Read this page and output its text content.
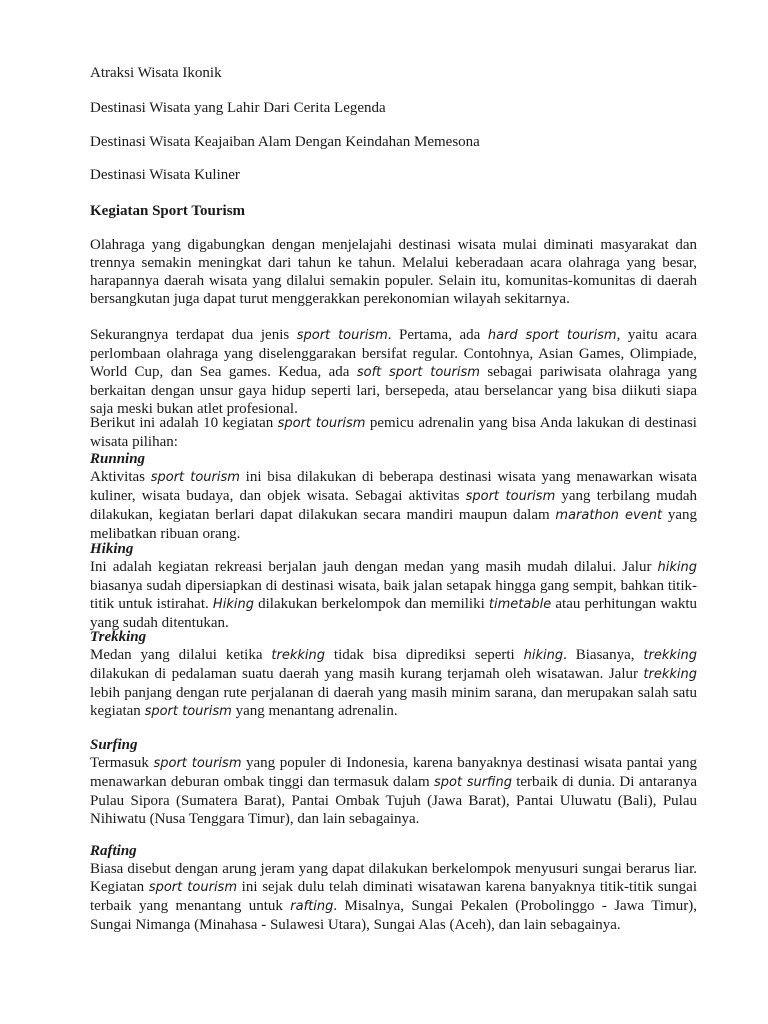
Atraksi Wisata Ikonik
Destinasi Wisata yang Lahir Dari Cerita Legenda
Destinasi Wisata Keajaiban Alam Dengan Keindahan Memesona
Destinasi Wisata Kuliner
Kegiatan Sport Tourism
Olahraga yang digabungkan dengan menjelajahi destinasi wisata mulai diminati masyarakat dan trennya semakin meningkat dari tahun ke tahun. Melalui keberadaan acara olahraga yang besar, harapannya daerah wisata yang dilalui semakin populer. Selain itu, komunitas-komunitas di daerah bersangkutan juga dapat turut menggerakkan perekonomian wilayah sekitarnya.
Sekurangnya terdapat dua jenis sport tourism. Pertama, ada hard sport tourism, yaitu acara perlombaan olahraga yang diselenggarakan bersifat regular. Contohnya, Asian Games, Olimpiade, World Cup, dan Sea games. Kedua, ada soft sport tourism sebagai pariwisata olahraga yang berkaitan dengan unsur gaya hidup seperti lari, bersepeda, atau berselancar yang bisa diikuti siapa saja meski bukan atlet profesional.
Berikut ini adalah 10 kegiatan sport tourism pemicu adrenalin yang bisa Anda lakukan di destinasi wisata pilihan:
Running
Aktivitas sport tourism ini bisa dilakukan di beberapa destinasi wisata yang menawarkan wisata kuliner, wisata budaya, dan objek wisata. Sebagai aktivitas sport tourism yang terbilang mudah dilakukan, kegiatan berlari dapat dilakukan secara mandiri maupun dalam marathon event yang melibatkan ribuan orang.
Hiking
Ini adalah kegiatan rekreasi berjalan jauh dengan medan yang masih mudah dilalui. Jalur hiking biasanya sudah dipersiapkan di destinasi wisata, baik jalan setapak hingga gang sempit, bahkan titik-titik untuk istirahat. Hiking dilakukan berkelompok dan memiliki timetable atau perhitungan waktu yang sudah ditentukan.
Trekking
Medan yang dilalui ketika trekking tidak bisa diprediksi seperti hiking. Biasanya, trekking dilakukan di pedalaman suatu daerah yang masih kurang terjamah oleh wisatawan. Jalur trekking lebih panjang dengan rute perjalanan di daerah yang masih minim sarana, dan merupakan salah satu kegiatan sport tourism yang menantang adrenalin.
Surfing
Termasuk sport tourism yang populer di Indonesia, karena banyaknya destinasi wisata pantai yang menawarkan deburan ombak tinggi dan termasuk dalam spot surfing terbaik di dunia. Di antaranya Pulau Sipora (Sumatera Barat), Pantai Ombak Tujuh (Jawa Barat), Pantai Uluwatu (Bali), Pulau Nihiwatu (Nusa Tenggara Timur), dan lain sebagainya.
Rafting
Biasa disebut dengan arung jeram yang dapat dilakukan berkelompok menyusuri sungai berarus liar. Kegiatan sport tourism ini sejak dulu telah diminati wisatawan karena banyaknya titik-titik sungai terbaik yang menantang untuk rafting. Misalnya, Sungai Pekalen (Probolinggo - Jawa Timur), Sungai Nimanga (Minahasa - Sulawesi Utara), Sungai Alas (Aceh), dan lain sebagainya.
